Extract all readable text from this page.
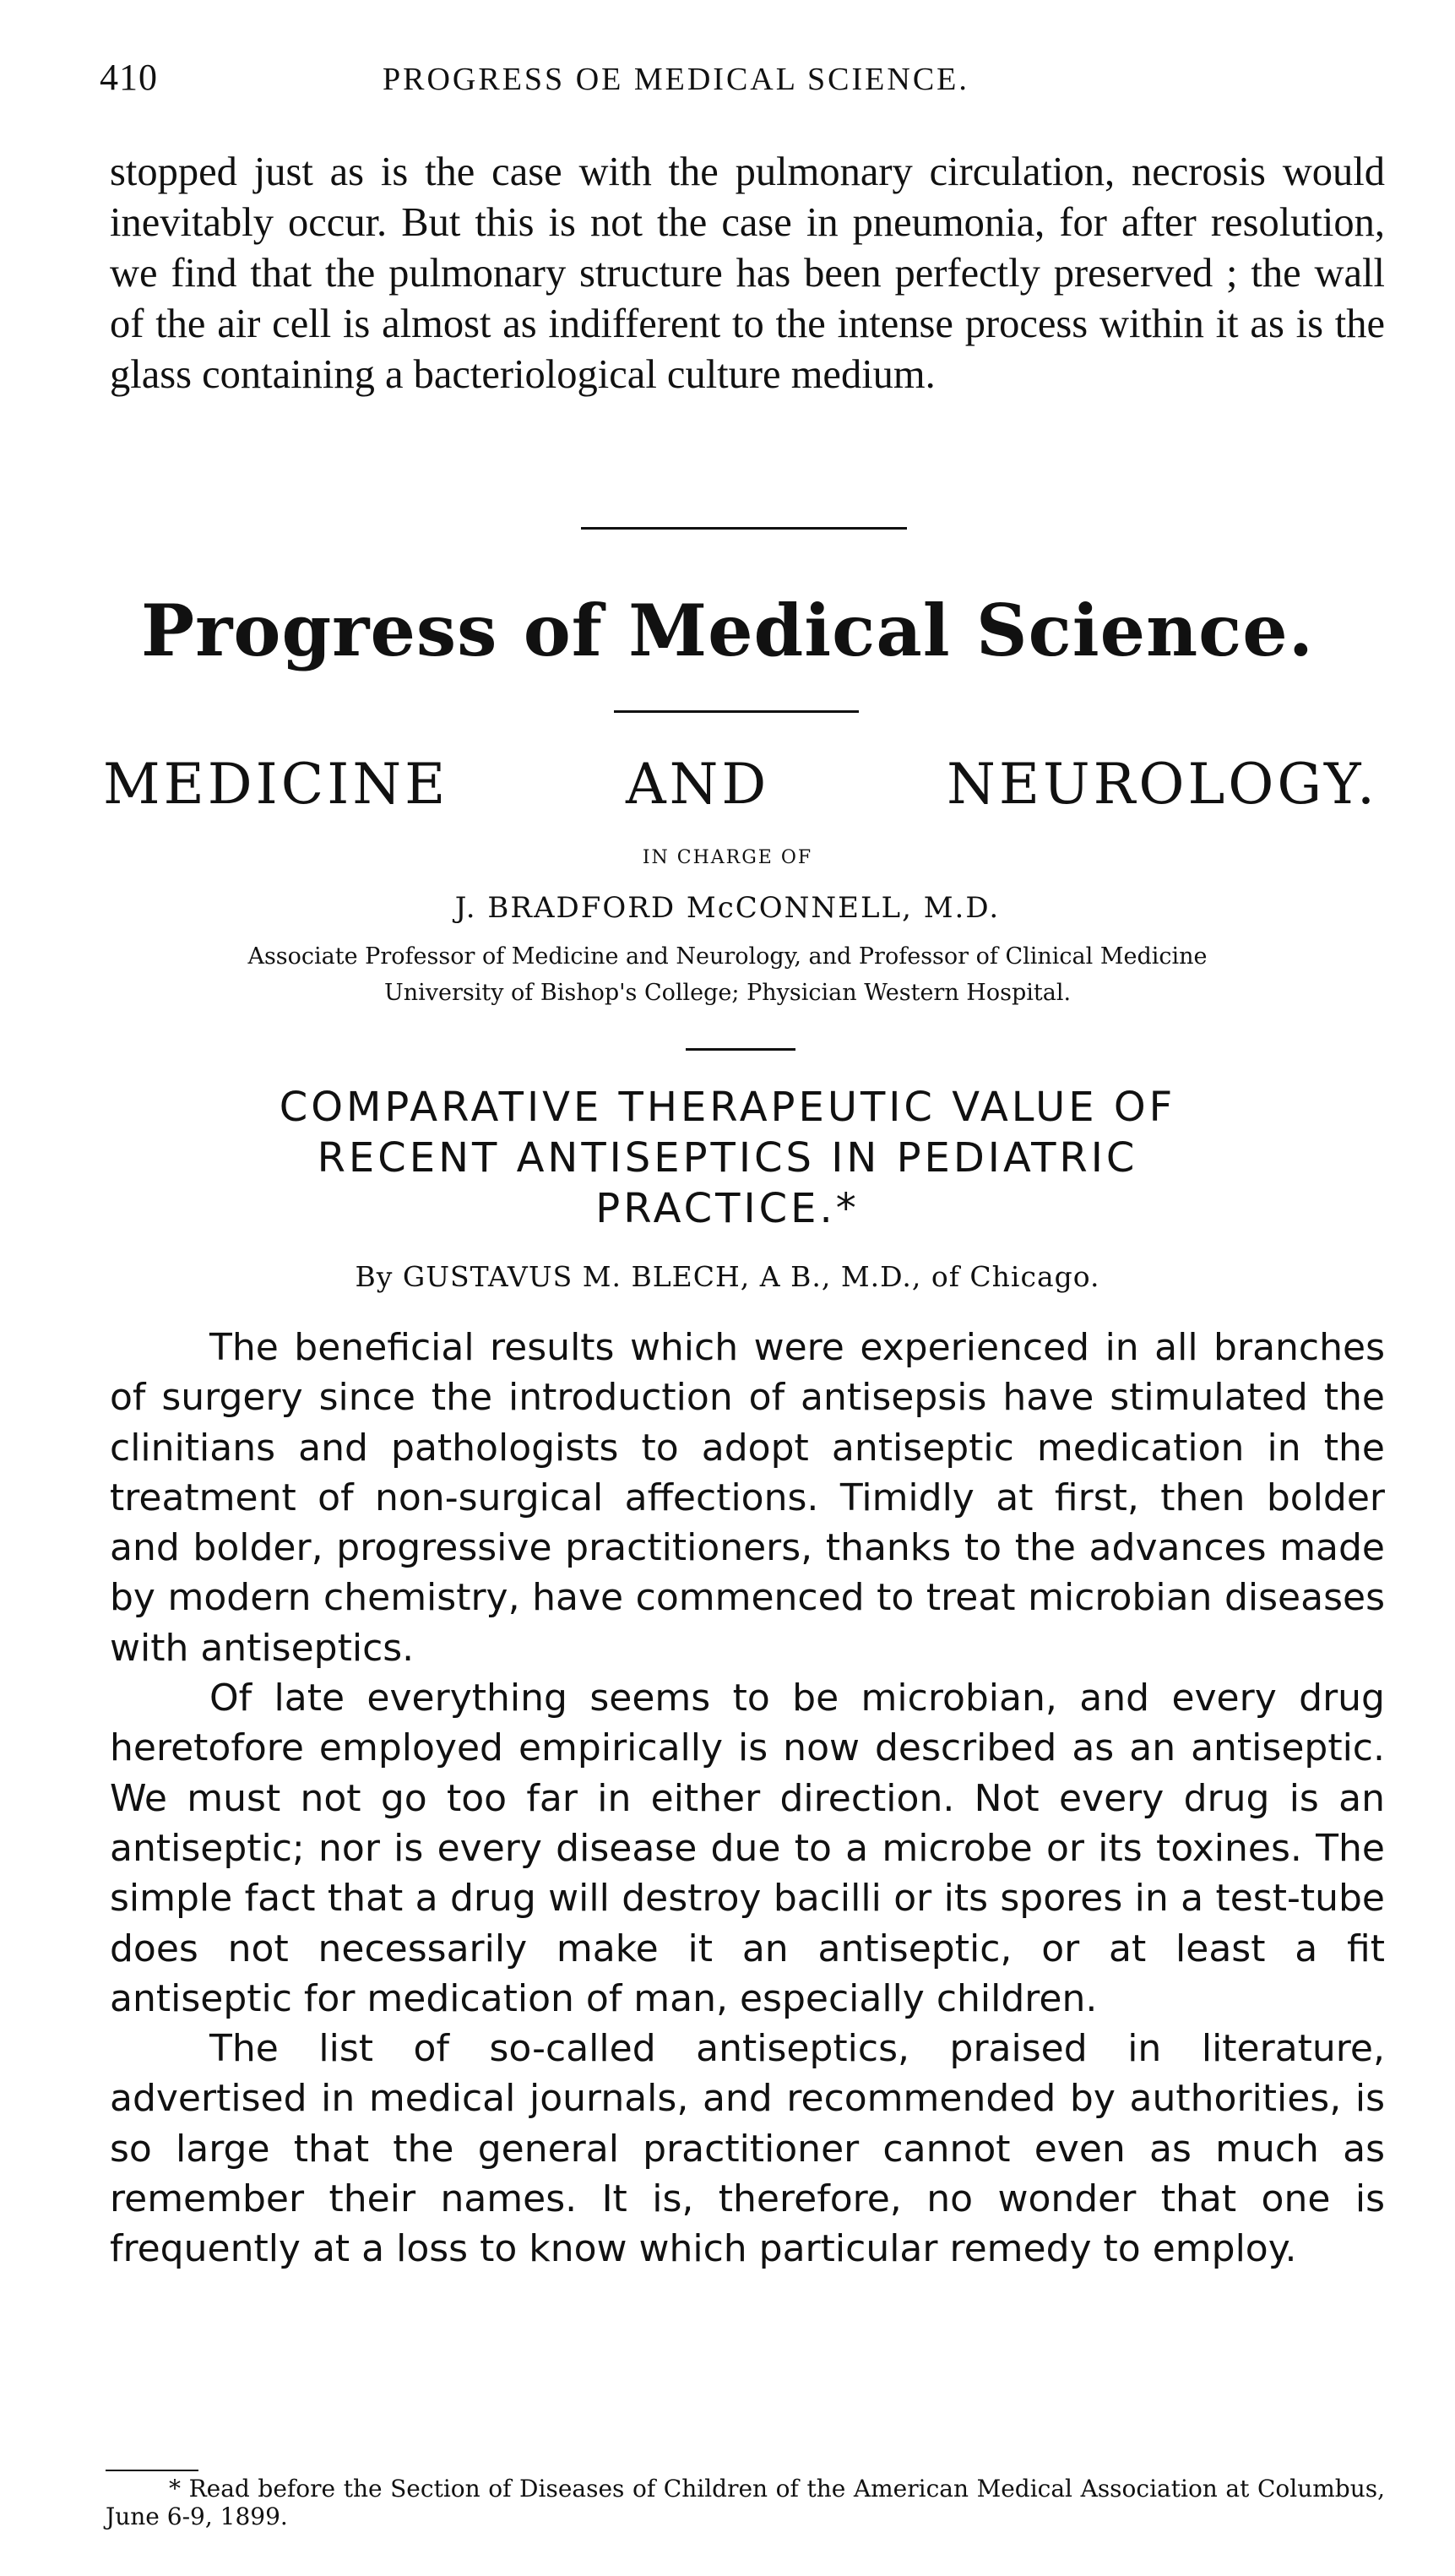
410	PROGRESS OE MEDICAL SCIENCE.
stopped just as is the case with the pulmonary circulation, necrosis would inevitably occur. But this is not the case in pneumonia, for after resolution, we find that the pulmonary structure has been perfectly preserved ; the wall of the air cell is almost as indifferent to the intense process within it as is the glass containing a bacteriological culture medium.
Progress of Medical Science.
MEDICINE AND NEUROLOGY.
IN CHARGE OF
J. BRADFORD McCONNELL, M.D.
Associate Professor of Medicine and Neurology, and Professor of Clinical Medicine
University of Bishop's College; Physician Western Hospital.
COMPARATIVE THERAPEUTIC VALUE OF
RECENT ANTISEPTICS IN PEDIATRIC
PRACTICE.*
By GUSTAVUS M. BLECH, A B., M.D., of Chicago.

The beneficial results which were experienced in all branches of surgery since the introduction of antisepsis have stimulated the clinitians and pathologists to adopt antiseptic medication in the treatment of non-surgical affections. Timidly at first, then bolder and bolder, progressive practitioners, thanks to the advances made by modern chemistry, have commenced to treat microbian diseases with antiseptics.

Of late everything seems to be microbian, and every drug heretofore employed empirically is now described as an antiseptic. We must not go too far in either direction. Not every drug is an antiseptic; nor is every disease due to a microbe or its toxines. The simple fact that a drug will destroy bacilli or its spores in a test-tube does not necessarily make it an antiseptic, or at least a fit antiseptic for medication of man, especially children.

The list of so-called antiseptics, praised in literature, advertised in medical journals, and recommended by authorities, is so large that the general practitioner cannot even as much as remember their names. It is, therefore, no wonder that one is frequently at a loss to know which particular remedy to employ.

* Read before the Section of Diseases of Children of the American Medical Association at Columbus, June 6-9, 1899.
